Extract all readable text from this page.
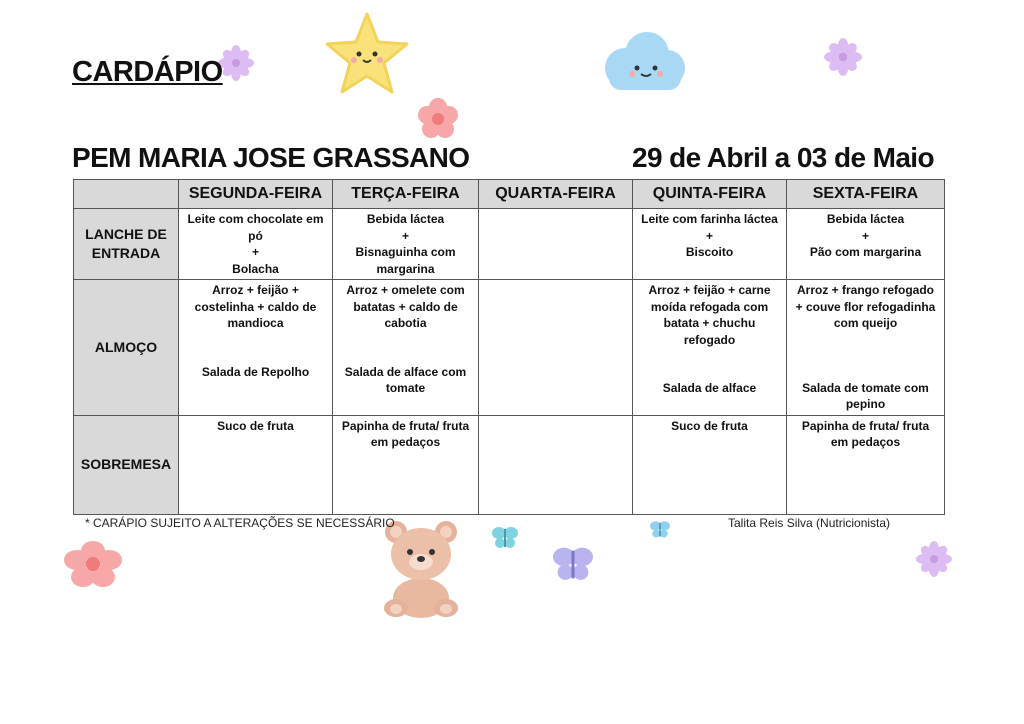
CARDÁPIO
PEM MARIA JOSE GRASSANO	29 de Abril a 03 de Maio
	SEGUNDA-FEIRA	TERÇA-FEIRA	QUARTA-FEIRA	QUINTA-FEIRA	SEXTA-FEIRA

LANCHE DE
ENTRADA	Leite com chocolate em
pó
+
Bolacha	Bebida láctea
+
Bisnaguinha com
margarina		Leite com farinha láctea
+
Biscoito	Bebida láctea
+
Pão com margarina

ALMOÇO	Arroz + feijão +
costelinha + caldo de
mandioca
Salada de Repolho	Arroz + omelete com
batatas + caldo de
cabotia
Salada de alface com
tomate		Arroz + feijão + carne
moída refogada com
batata + chuchu
refogado
Salada de alface	Arroz + frango refogado
+ couve flor refogadinha
com queijo
Salada de tomate com
pepino

SOBREMESA	Suco de fruta	Papinha de fruta/ fruta
em pedaços		Suco de fruta	Papinha de fruta/ fruta
em pedaços
* CARÁPIO SUJEITO A ALTERAÇÕES SE NECESSÁRIO	Talita Reis Silva (Nutricionista)
